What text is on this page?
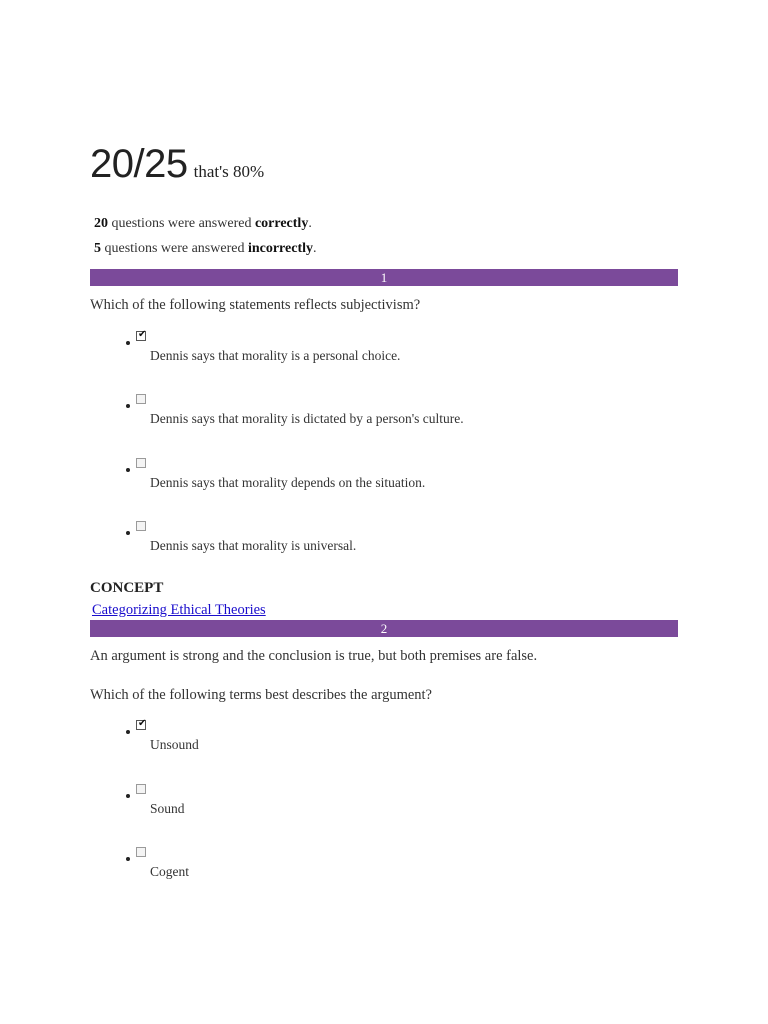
20/25 that's 80%
20 questions were answered correctly.
5 questions were answered incorrectly.
1
Which of the following statements reflects subjectivism?
✔
Dennis says that morality is a personal choice.
Dennis says that morality is dictated by a person's culture.
Dennis says that morality depends on the situation.
Dennis says that morality is universal.
CONCEPT
Categorizing Ethical Theories
2
An argument is strong and the conclusion is true, but both premises are false.
Which of the following terms best describes the argument?
✔
Unsound
Sound
Cogent
